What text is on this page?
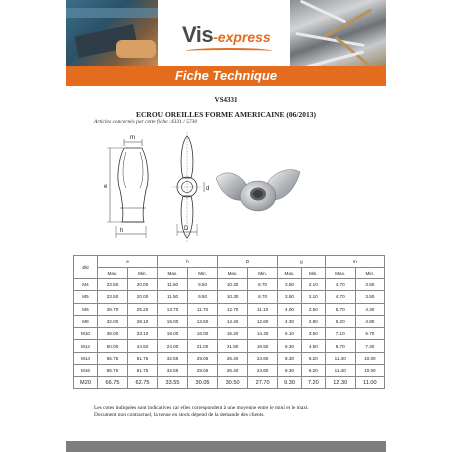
Vis-express
Fiche Technique
VS4331
ECROU OREILLES FORME AMERICAINE (06/2013)
Articles concernés par cette fiche :4331 / 5730
m
e
h
d
D
Ød	e		h		D		g		m	
	Max.	Min.	Max.	Min.	Max.	Min.	Max.	Min.	Max.	Min.
M4	23.50	20.00	11.50	9.50	10.30	8.70	3.50	2.10	4.70	3.50
M5	23.50	20.00	11.50	9.50	10.30	8.70	3.50	2.10	4.70	3.50
M6	28.70	25.20	13.70	11.70	12.70	11.10	4.00	2.50	5.70	4.30
M8	32.00	28.10	16.00	13.60	14.40	12.60	4.30	2.80	6.20	4.80
M10	38.00	33.10	18.00	16.00	16.20	14.40	5.10	3.50	7.10	5.70
M12	50.00	44.50	24.00	21.00	21.50	19.50	6.30	4.50	8.70	7.30
M14	65.75	61.75	32.55	29.05	26.40	24.60	8.30	6.20	11.40	10.00
M16	65.75	61.75	32.55	29.05	26.40	24.60	8.30	6.20	11.40	10.00
M20	66.75	62.75	33.55	30.05	30.50	27.70	9.30	7.20	12.30	11.00
Les cotes indiquées sont indicatives car elles correspondent à une moyenne entre le mini et le maxi.
Document non contractuel, la tenue en stock dépend de la demande des clients.
